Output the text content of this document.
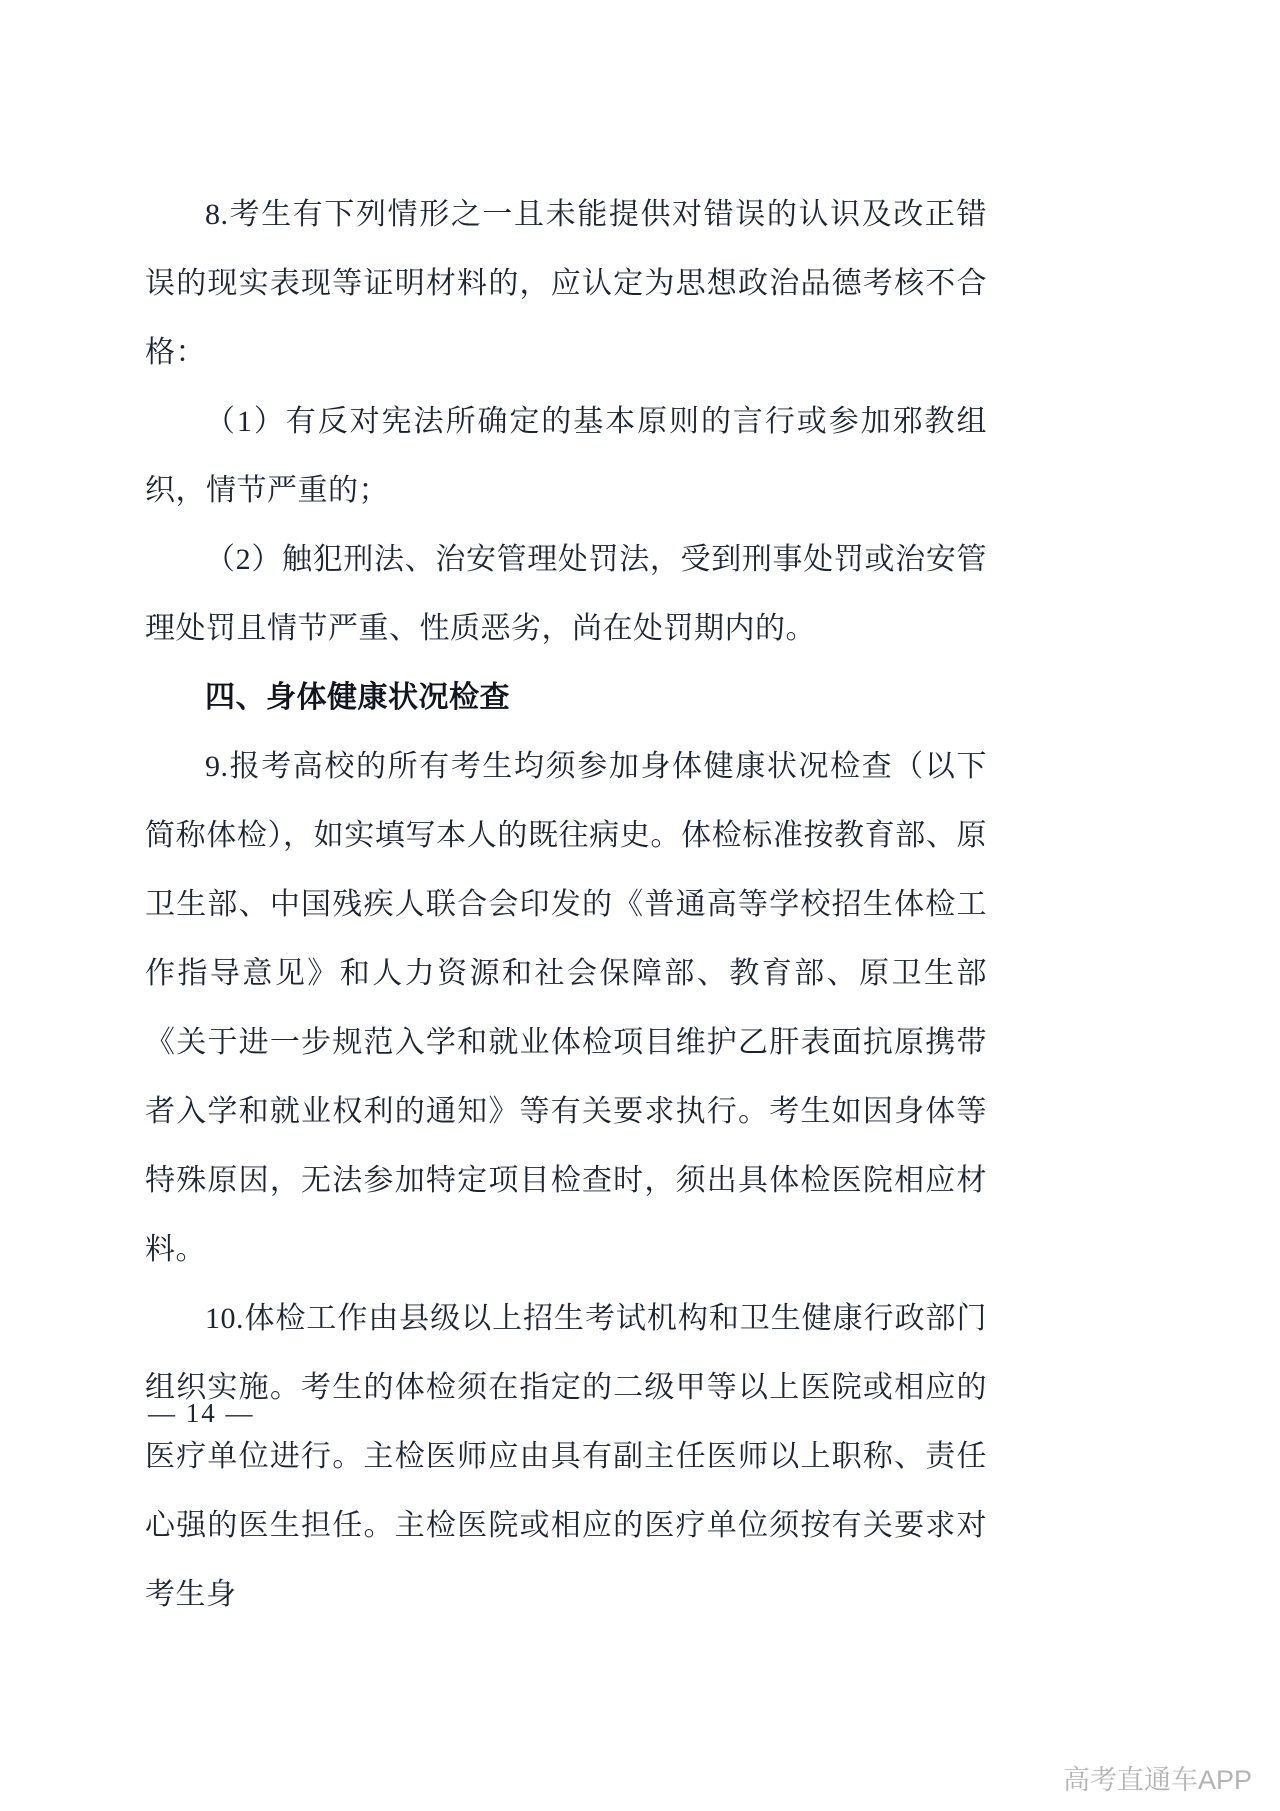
8.考生有下列情形之一且未能提供对错误的认识及改正错误的现实表现等证明材料的，应认定为思想政治品德考核不合格：

（1）有反对宪法所确定的基本原则的言行或参加邪教组织，情节严重的；

（2）触犯刑法、治安管理处罚法，受到刑事处罚或治安管理处罚且情节严重、性质恶劣，尚在处罚期内的。

四、身体健康状况检查

9.报考高校的所有考生均须参加身体健康状况检查（以下简称体检），如实填写本人的既往病史。体检标准按教育部、原卫生部、中国残疾人联合会印发的《普通高等学校招生体检工作指导意见》和人力资源和社会保障部、教育部、原卫生部《关于进一步规范入学和就业体检项目维护乙肝表面抗原携带者入学和就业权利的通知》等有关要求执行。考生如因身体等特殊原因，无法参加特定项目检查时，须出具体检医院相应材料。

10.体检工作由县级以上招生考试机构和卫生健康行政部门组织实施。考生的体检须在指定的二级甲等以上医院或相应的医疗单位进行。主检医师应由具有副主任医师以上职称、责任心强的医生担任。主检医院或相应的医疗单位须按有关要求对考生身

— 14 —
高考直通车APP
